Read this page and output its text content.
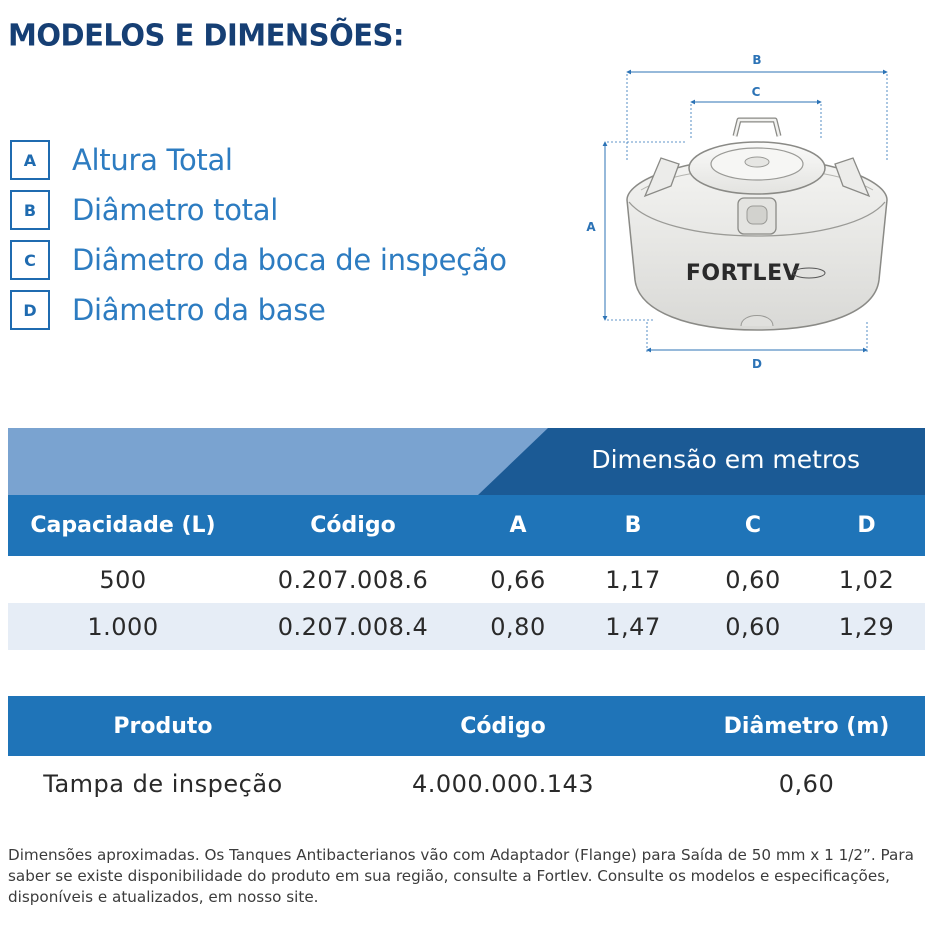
MODELOS E DIMENSÕES:
A	Altura Total
B	Diâmetro total
C	Diâmetro da boca de inspeção
D	Diâmetro da base
B
C
A
D
FORTLEV
Dimensão em metros
Capacidade (L)	Código	A	B	C	D
500	0.207.008.6	0,66	1,17	0,60	1,02
1.000	0.207.008.4	0,80	1,47	0,60	1,29
Produto	Código	Diâmetro (m)
Tampa de inspeção	4.000.000.143	0,60
Dimensões aproximadas. Os Tanques Antibacterianos vão com Adaptador (Flange) para Saída de 50 mm x 1 1/2”. Para saber se existe disponibilidade do produto em sua região, consulte a Fortlev. Consulte os modelos e especificações, disponíveis e atualizados, em nosso site.
